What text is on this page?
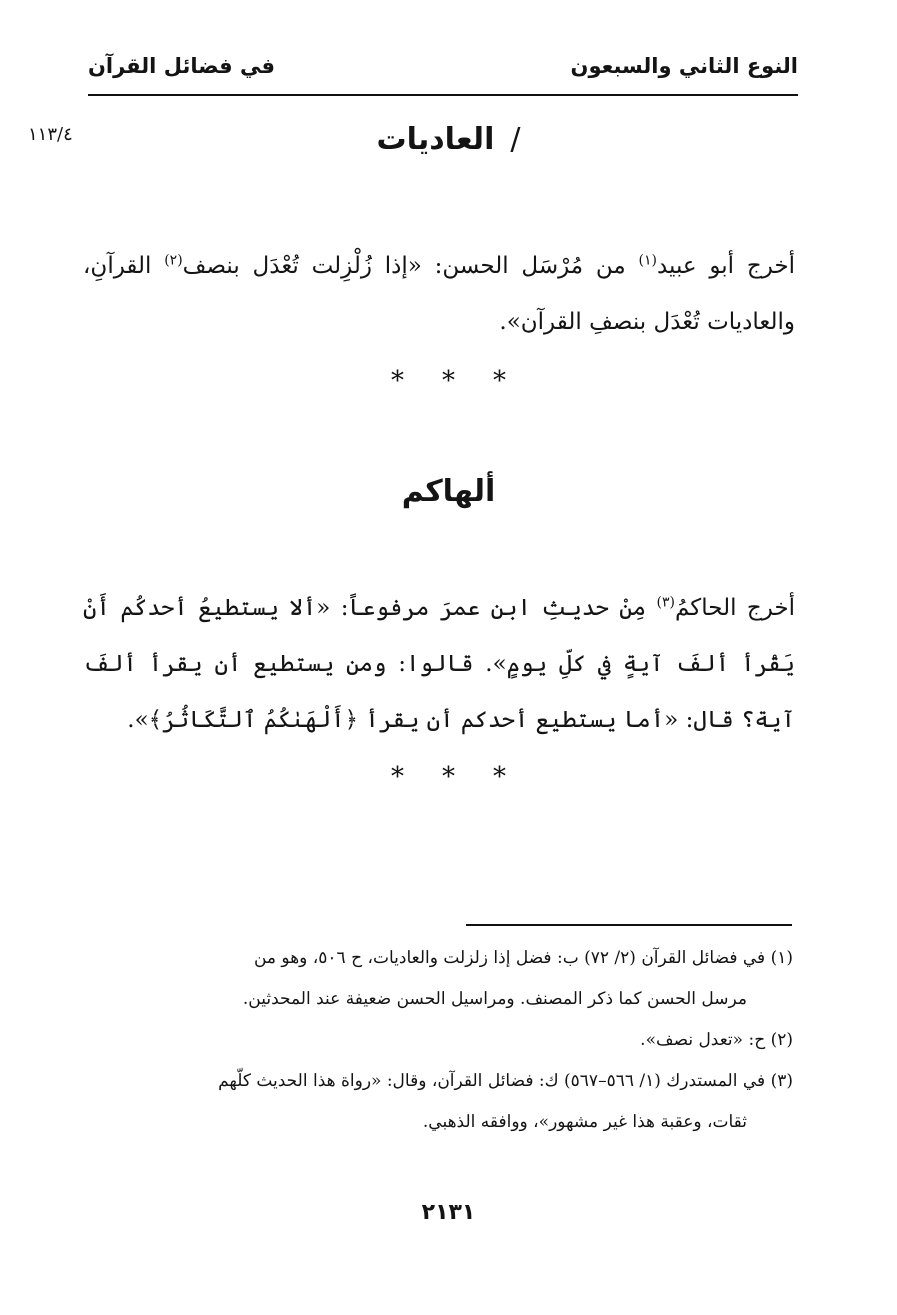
النوع الثاني والسبعون
في فضائل القرآن
١١٣/٤	/العاديات

أخرج أبو عبيد$^{(١)}$ من مُرْسَل الحسن: «إذا زُلْزِلت تُعْدَل بنصف$^{(٢)}$ القرآنِ، والعاديات تُعْدَل بنصفِ القرآن».

* * *
ألهاكم

أخرج الحاكمُ$^{(٣)}$ مِنْ حديثِ ابن عمرَ مرفوعاً: «ألا يستطيعُ أحدكُم أَنْ يَقْرأ ألفَ آيةٍ في كلِّ يومٍ». قالوا: ومن يستطيع أن يقرأ ألفَ آية؟ قال: «أما يستطيع أحدكم أن يقرأ ﴿أَلْهَىٰكُمُ ٱلتَّكَاثُرُ﴾».

* * *

(١) في فضائل القرآن (٢/ ٧٢) ب: فضل إذا زلزلت والعاديات، ح ٥٠٦، وهو من
مرسل الحسن كما ذكر المصنف. ومراسيل الحسن ضعيفة عند المحدثين.

(٢) ح: «تعدل نصف».

(٣) في المستدرك (١/ ٥٦٦–٥٦٧) ك: فضائل القرآن، وقال: «رواة هذا الحديث كلّهم
ثقات، وعقبة هذا غير مشهور»، ووافقه الذهبي.

٢١٣١
